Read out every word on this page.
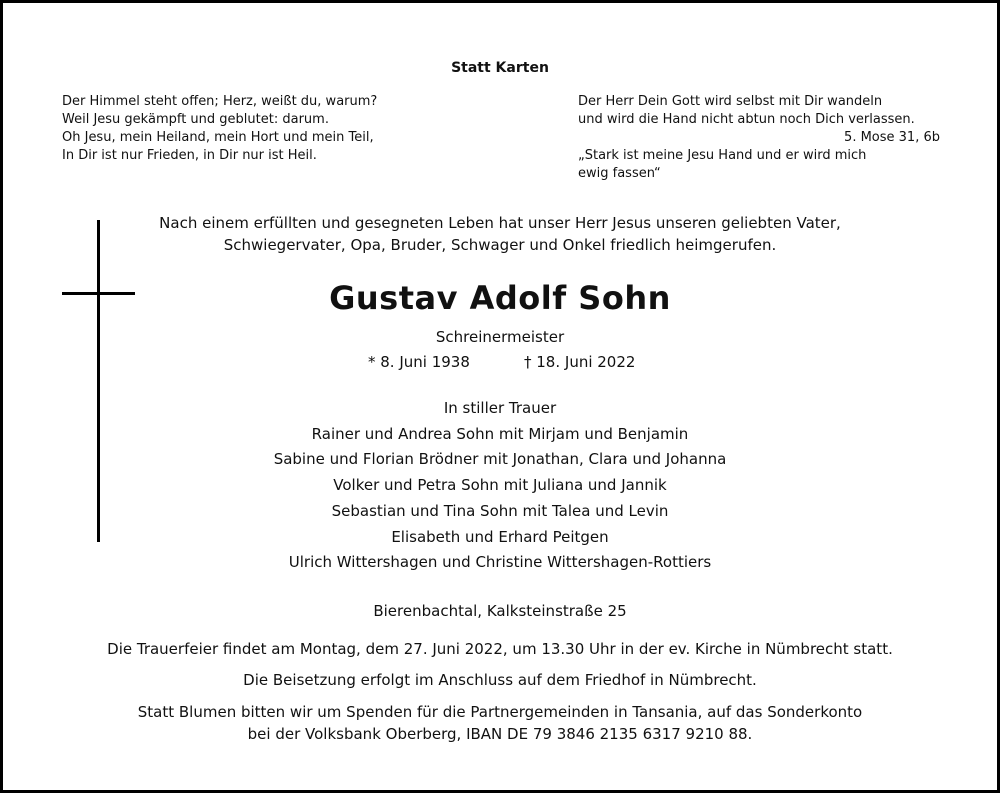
Statt Karten
Der Himmel steht offen; Herz, weißt du, warum?
Weil Jesu gekämpft und geblutet: darum.
Oh Jesu, mein Heiland, mein Hort und mein Teil,
In Dir ist nur Frieden, in Dir nur ist Heil.
Der Herr Dein Gott wird selbst mit Dir wandeln
und wird die Hand nicht abtun noch Dich verlassen.
5. Mose 31, 6b
„Stark ist meine Jesu Hand und er wird mich
ewig fassen“
Nach einem erfüllten und gesegneten Leben hat unser Herr Jesus unseren geliebten Vater,
Schwiegervater, Opa, Bruder, Schwager und Onkel friedlich heimgerufen.
Gustav Adolf Sohn
Schreinermeister
* 8. Juni 1938	† 18. Juni 2022
In stiller Trauer
Rainer und Andrea Sohn mit Mirjam und Benjamin
Sabine und Florian Brödner mit Jonathan, Clara und Johanna
Volker und Petra Sohn mit Juliana und Jannik
Sebastian und Tina Sohn mit Talea und Levin
Elisabeth und Erhard Peitgen
Ulrich Wittershagen und Christine Wittershagen-Rottiers
Bierenbachtal, Kalksteinstraße 25
Die Trauerfeier findet am Montag, dem 27. Juni 2022, um 13.30 Uhr in der ev. Kirche in Nümbrecht statt.
Die Beisetzung erfolgt im Anschluss auf dem Friedhof in Nümbrecht.
Statt Blumen bitten wir um Spenden für die Partnergemeinden in Tansania, auf das Sonderkonto
bei der Volksbank Oberberg, IBAN DE 79 3846 2135 6317 9210 88.
